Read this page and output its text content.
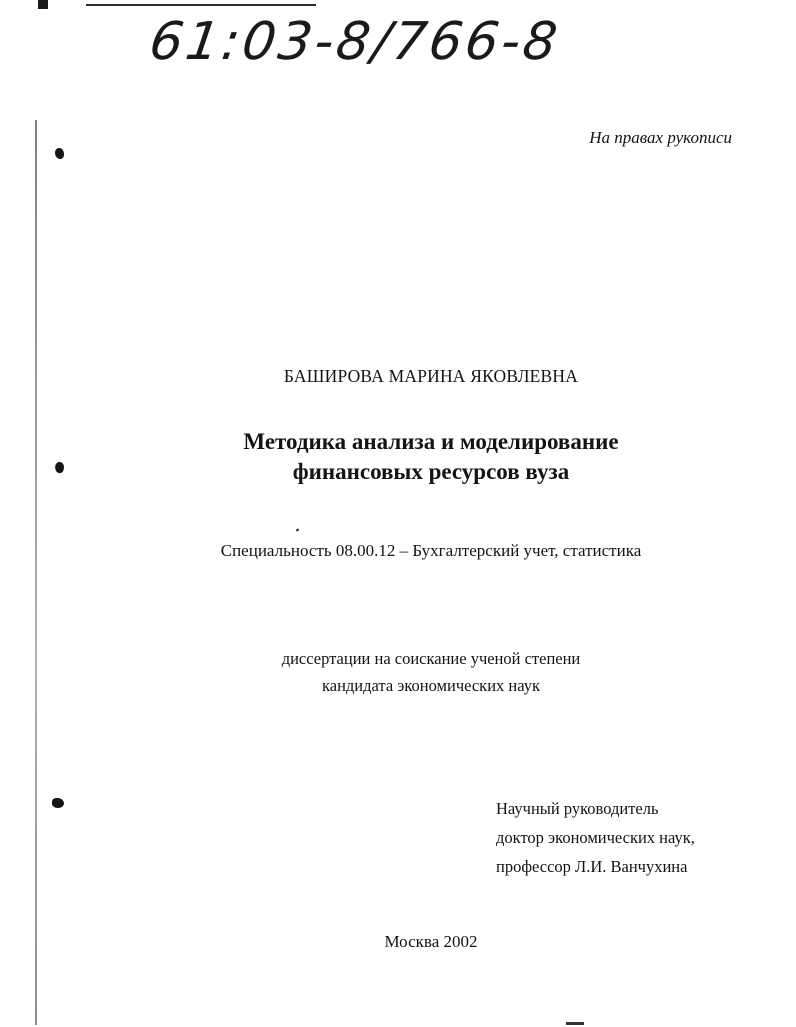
61:03-8/766-8
На правах рукописи
БАШИРОВА МАРИНА ЯКОВЛЕВНА
Методика анализа и моделирование
финансовых ресурсов вуза
Специальность 08.00.12 – Бухгалтерский учет, статистика
диссертации на соискание ученой степени
кандидата экономических наук
Научный руководитель
доктор экономических наук,
профессор Л.И. Ванчухина
Москва 2002
